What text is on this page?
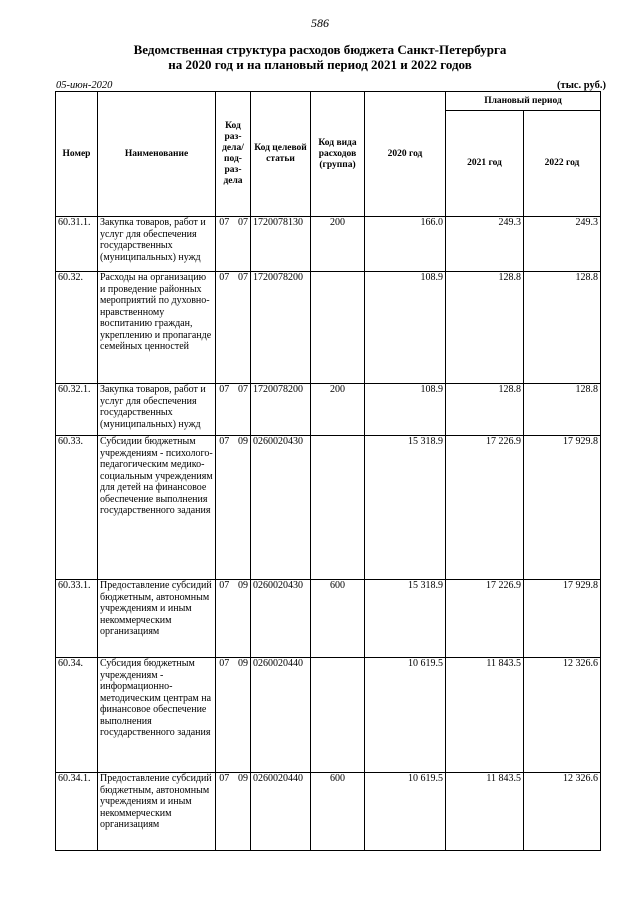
586
Ведомственная структура расходов бюджета Санкт-Петербурга
на 2020 год и на плановый период 2021 и 2022 годов
05-июн-2020	(тыс. руб.)
Номер	Наименование	Код раз- дела/ под- раз- дела		Код целевой статьи	Код вида расходов (группа)	2020 год	Плановый период	
							2021 год	2022 год
60.31.1.	Закупка товаров, работ и услуг для обеспечения государственных (муниципальных) нужд	07	07	1720078130	200	166.0	249.3	249.3
60.32.	Расходы на организацию и проведение районных мероприятий по духовно-нравственному воспитанию граждан, укреплению и пропаганде семейных ценностей	07	07	1720078200		108.9	128.8	128.8
60.32.1.	Закупка товаров, работ и услуг для обеспечения государственных (муниципальных) нужд	07	07	1720078200	200	108.9	128.8	128.8
60.33.	Субсидии бюджетным учреждениям - психолого-педагогическим медико-социальным учреждениям для детей на финансовое обеспечение выполнения государственного задания	07	09	0260020430		15 318.9	17 226.9	17 929.8
60.33.1.	Предоставление субсидий бюджетным, автономным учреждениям и иным некоммерческим организациям	07	09	0260020430	600	15 318.9	17 226.9	17 929.8
60.34.	Субсидия бюджетным учреждениям - информационно-методическим центрам на финансовое обеспечение выполнения государственного задания	07	09	0260020440		10 619.5	11 843.5	12 326.6
60.34.1.	Предоставление субсидий бюджетным, автономным учреждениям и иным некоммерческим организациям	07	09	0260020440	600	10 619.5	11 843.5	12 326.6
